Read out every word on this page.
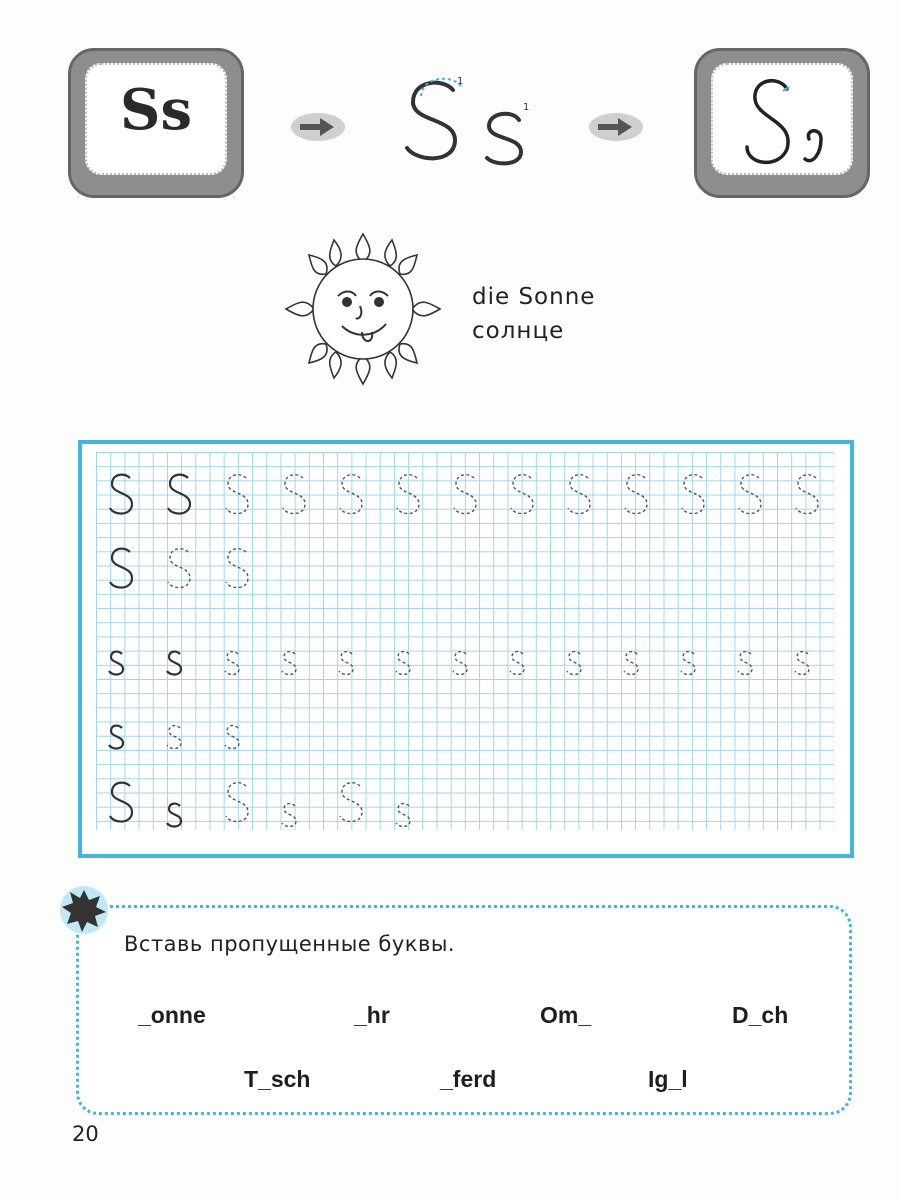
Ss	1
1
die Sonne
солнце
Вставь пропущенные буквы.
_onne	_hr	Om_	D_ch
T_sch	_ferd	Ig_l
20
